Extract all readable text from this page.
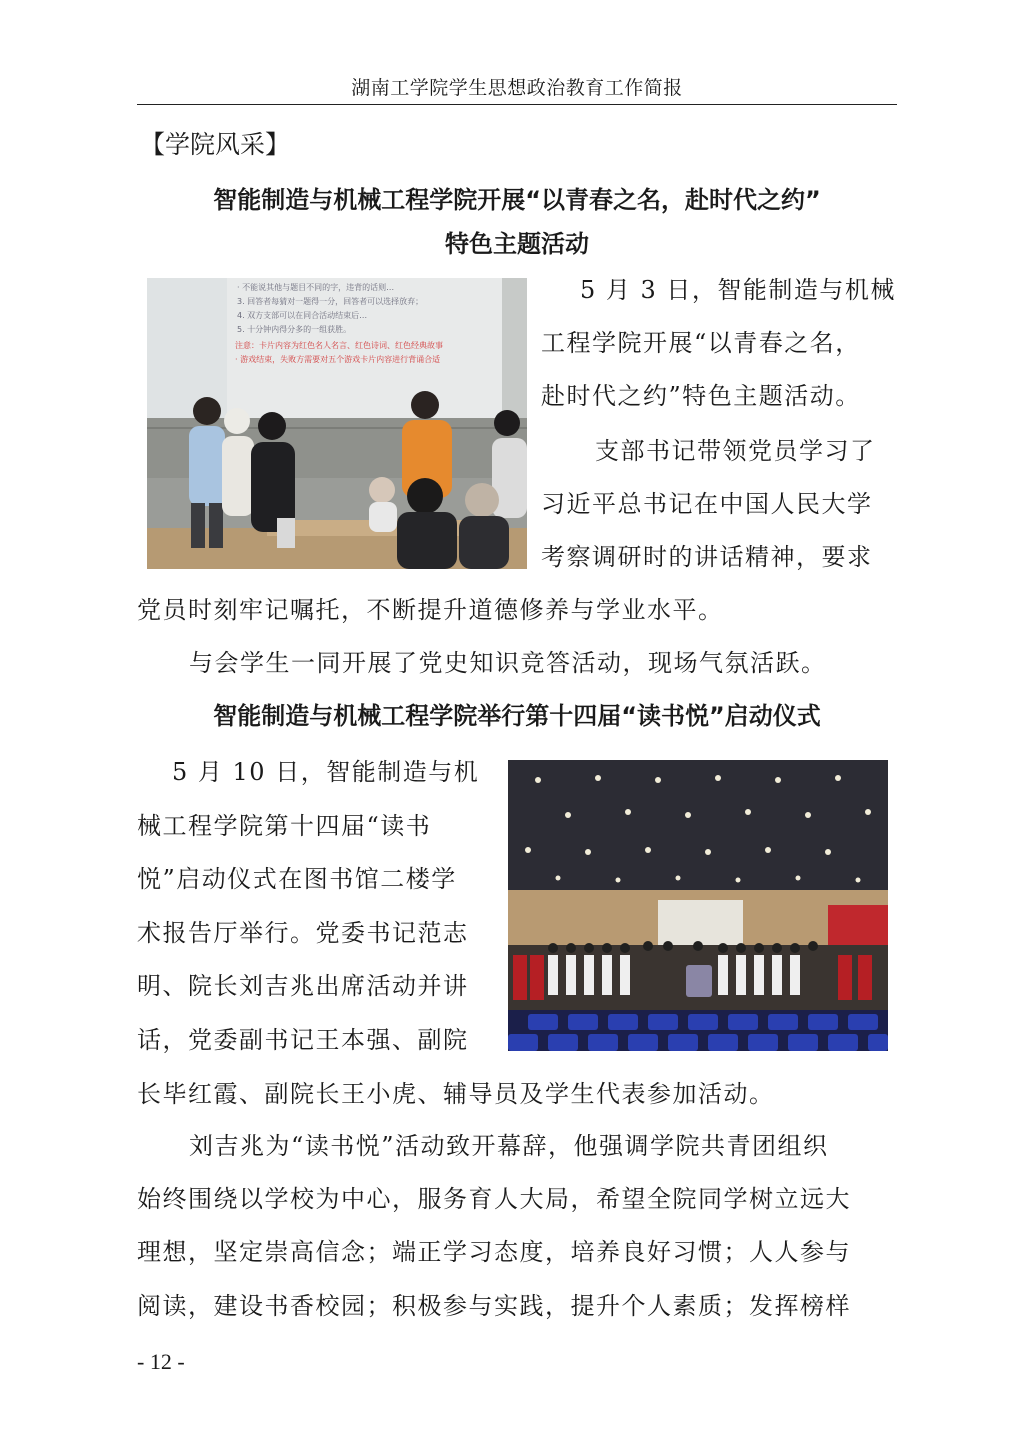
湖南工学院学生思想政治教育工作简报
【学院风采】
智能制造与机械工程学院开展“以青春之名，赴时代之约”
特色主题活动
· 不能说其他与题目不同的字，违背的话则…
3. 回答者每猜对一题得一分，回答者可以选择放弃；
4. 双方支部可以在同合活动结束后…
5. 十分钟内得分多的一组获胜。
注意：卡片内容为红色名人名言、红色诗词、红色经典故事
· 游戏结束，失败方需要对五个游戏卡片内容进行背诵合适
5 月 3 日，智能制造与机械
工程学院开展“以青春之名，
赴时代之约”特色主题活动。
支部书记带领党员学习了
习近平总书记在中国人民大学
考察调研时的讲话精神，要求
党员时刻牢记嘱托，不断提升道德修养与学业水平。
与会学生一同开展了党史知识竞答活动，现场气氛活跃。
智能制造与机械工程学院举行第十四届“读书悦”启动仪式
5 月 10 日，智能制造与机
械工程学院第十四届“读书
悦”启动仪式在图书馆二楼学
术报告厅举行。党委书记范志
明、院长刘吉兆出席活动并讲
话，党委副书记王本强、副院
长毕红霞、副院长王小虎、辅导员及学生代表参加活动。
刘吉兆为“读书悦”活动致开幕辞，他强调学院共青团组织
始终围绕以学校为中心，服务育人大局，希望全院同学树立远大
理想，坚定崇高信念；端正学习态度，培养良好习惯；人人参与
阅读，建设书香校园；积极参与实践，提升个人素质；发挥榜样
- 12 -
